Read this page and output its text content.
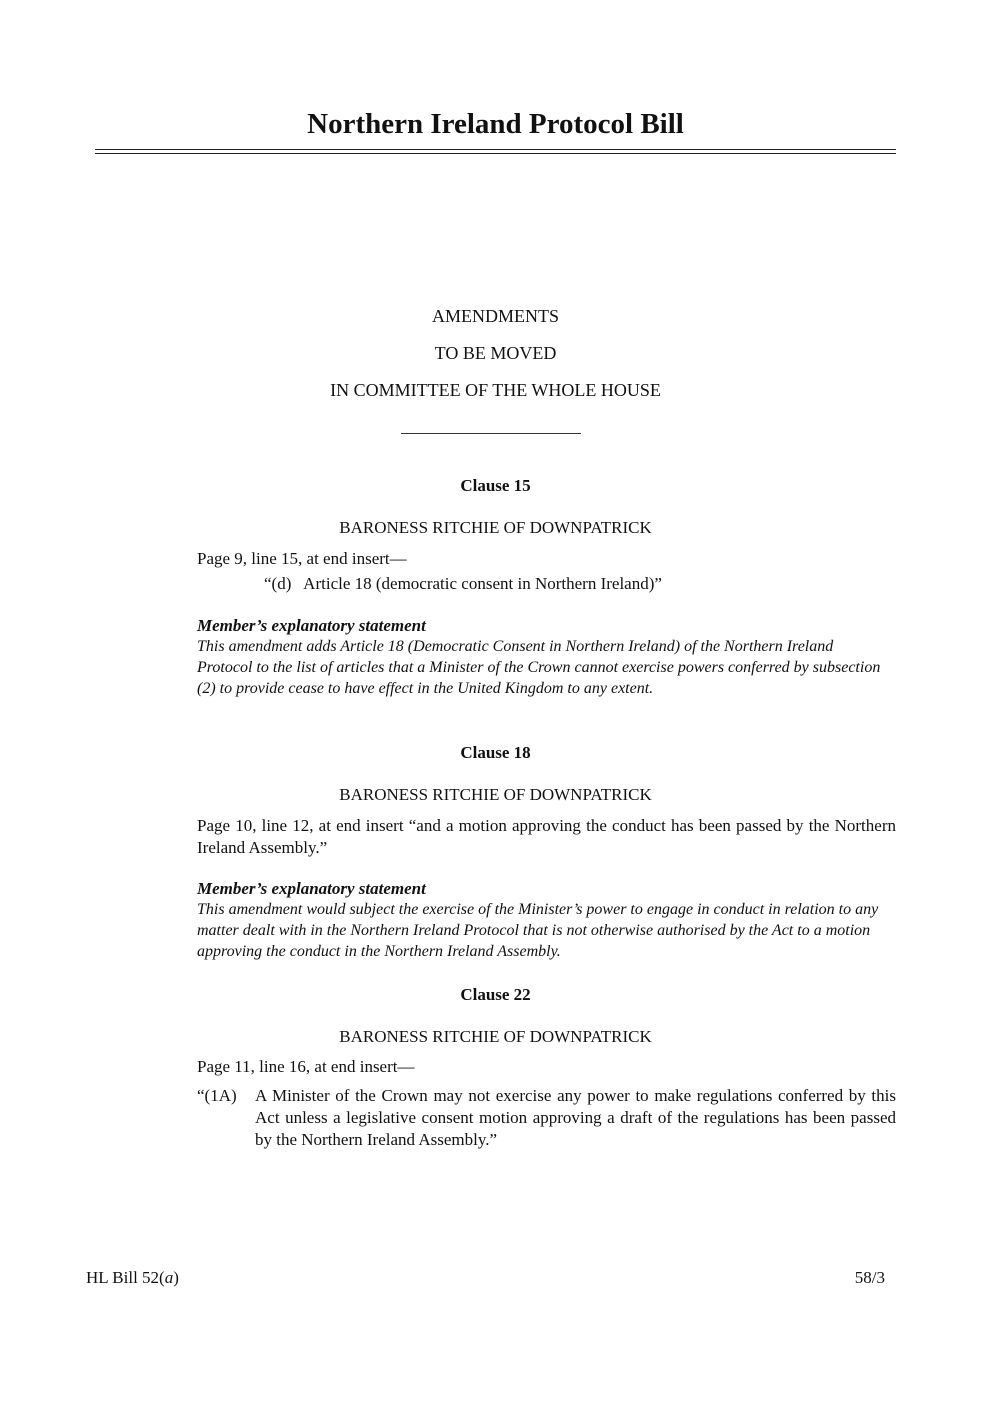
Northern Ireland Protocol Bill
AMENDMENTS
TO BE MOVED
IN COMMITTEE OF THE WHOLE HOUSE
Clause 15
BARONESS RITCHIE OF DOWNPATRICK
Page 9, line 15, at end insert—
“(d)   Article 18 (democratic consent in Northern Ireland)”
Member’s explanatory statement
This amendment adds Article 18 (Democratic Consent in Northern Ireland) of the Northern Ireland Protocol to the list of articles that a Minister of the Crown cannot exercise powers conferred by subsection (2) to provide cease to have effect in the United Kingdom to any extent.
Clause 18
BARONESS RITCHIE OF DOWNPATRICK
Page 10, line 12, at end insert “and a motion approving the conduct has been passed by the Northern Ireland Assembly.”
Member’s explanatory statement
This amendment would subject the exercise of the Minister’s power to engage in conduct in relation to any matter dealt with in the Northern Ireland Protocol that is not otherwise authorised by the Act to a motion approving the conduct in the Northern Ireland Assembly.
Clause 22
BARONESS RITCHIE OF DOWNPATRICK
Page 11, line 16, at end insert—
“(1A) A Minister of the Crown may not exercise any power to make regulations conferred by this Act unless a legislative consent motion approving a draft of the regulations has been passed by the Northern Ireland Assembly.”
HL Bill 52(a)	58/3
